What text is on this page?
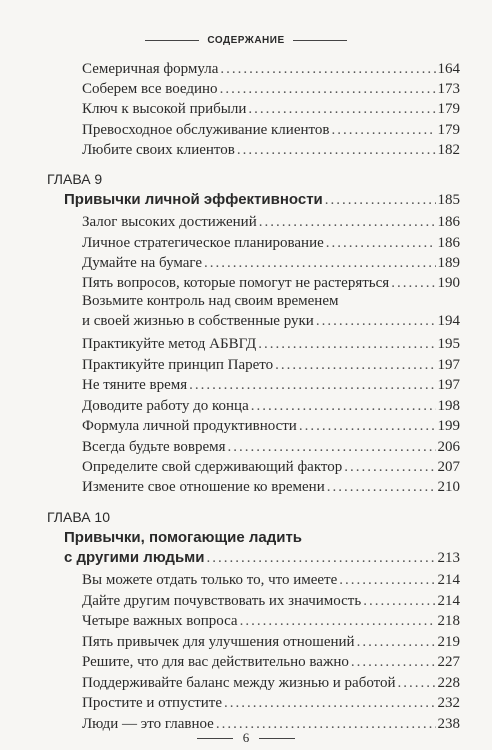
СОДЕРЖАНИЕ
Семеричная формула .....	164
Соберем все воедино .....	173
Ключ к высокой прибыли .....	179
Превосходное обслуживание клиентов .....	179
Любите своих клиентов .....	182
ГЛАВА 9
Привычки личной эффективности .....	185
Залог высоких достижений .....	186
Личное стратегическое планирование .....	186
Думайте на бумаге .....	189
Пять вопросов, которые помогут не растеряться .....	190
Возьмите контроль над своим временем
и своей жизнью в собственные руки .....	194
Практикуйте метод АБВГД .....	195
Практикуйте принцип Парето .....	197
Не тяните время .....	197
Доводите работу до конца .....	198
Формула личной продуктивности .....	199
Всегда будьте вовремя .....	206
Определите свой сдерживающий фактор .....	207
Измените свое отношение ко времени .....	210
ГЛАВА 10
Привычки, помогающие ладить
с другими людьми .....	213
Вы можете отдать только то, что имеете .....	214
Дайте другим почувствовать их значимость .....	214
Четыре важных вопроса .....	218
Пять привычек для улучшения отношений .....	219
Решите, что для вас действительно важно .....	227
Поддерживайте баланс между жизнью и работой .....	228
Простите и отпустите .....	232
Люди — это главное .....	238
6
